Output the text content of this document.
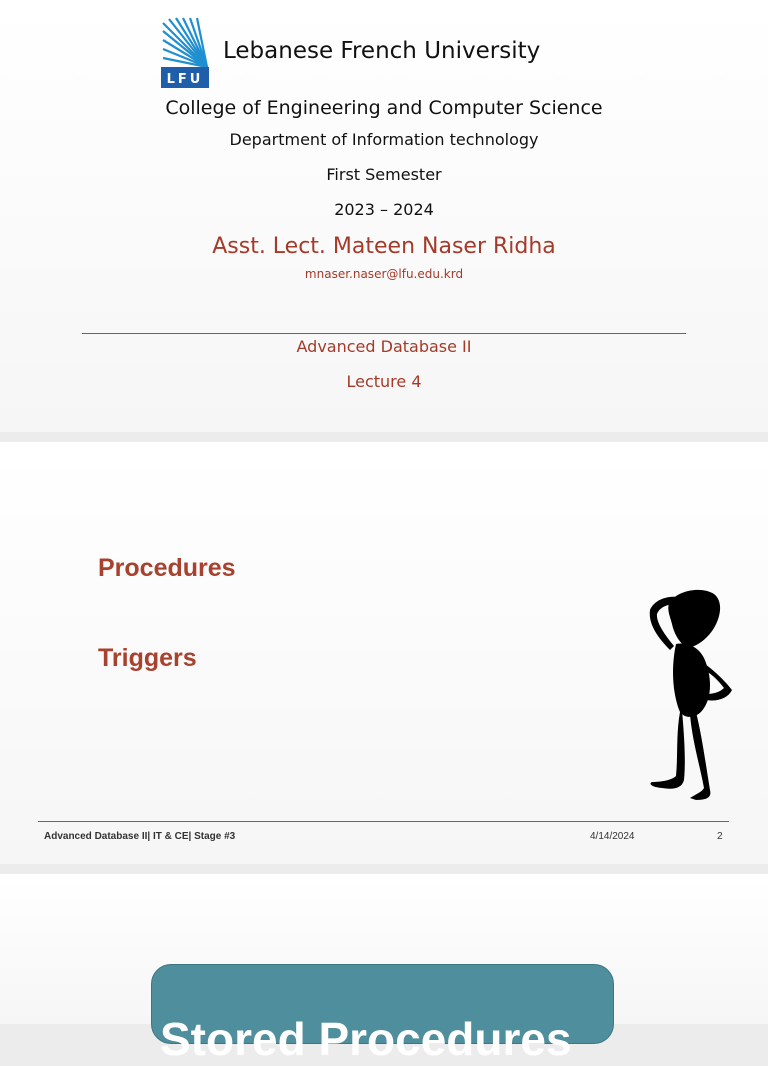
LFU
Lebanese French University
College of Engineering and Computer Science
Department of Information technology
First Semester
2023 – 2024
Asst. Lect. Mateen Naser Ridha
mnaser.naser@lfu.edu.krd
Advanced Database II
Lecture 4
Procedures
Triggers
Advanced Database II| IT & CE| Stage #3	4/14/2024	2
Stored Procedures
